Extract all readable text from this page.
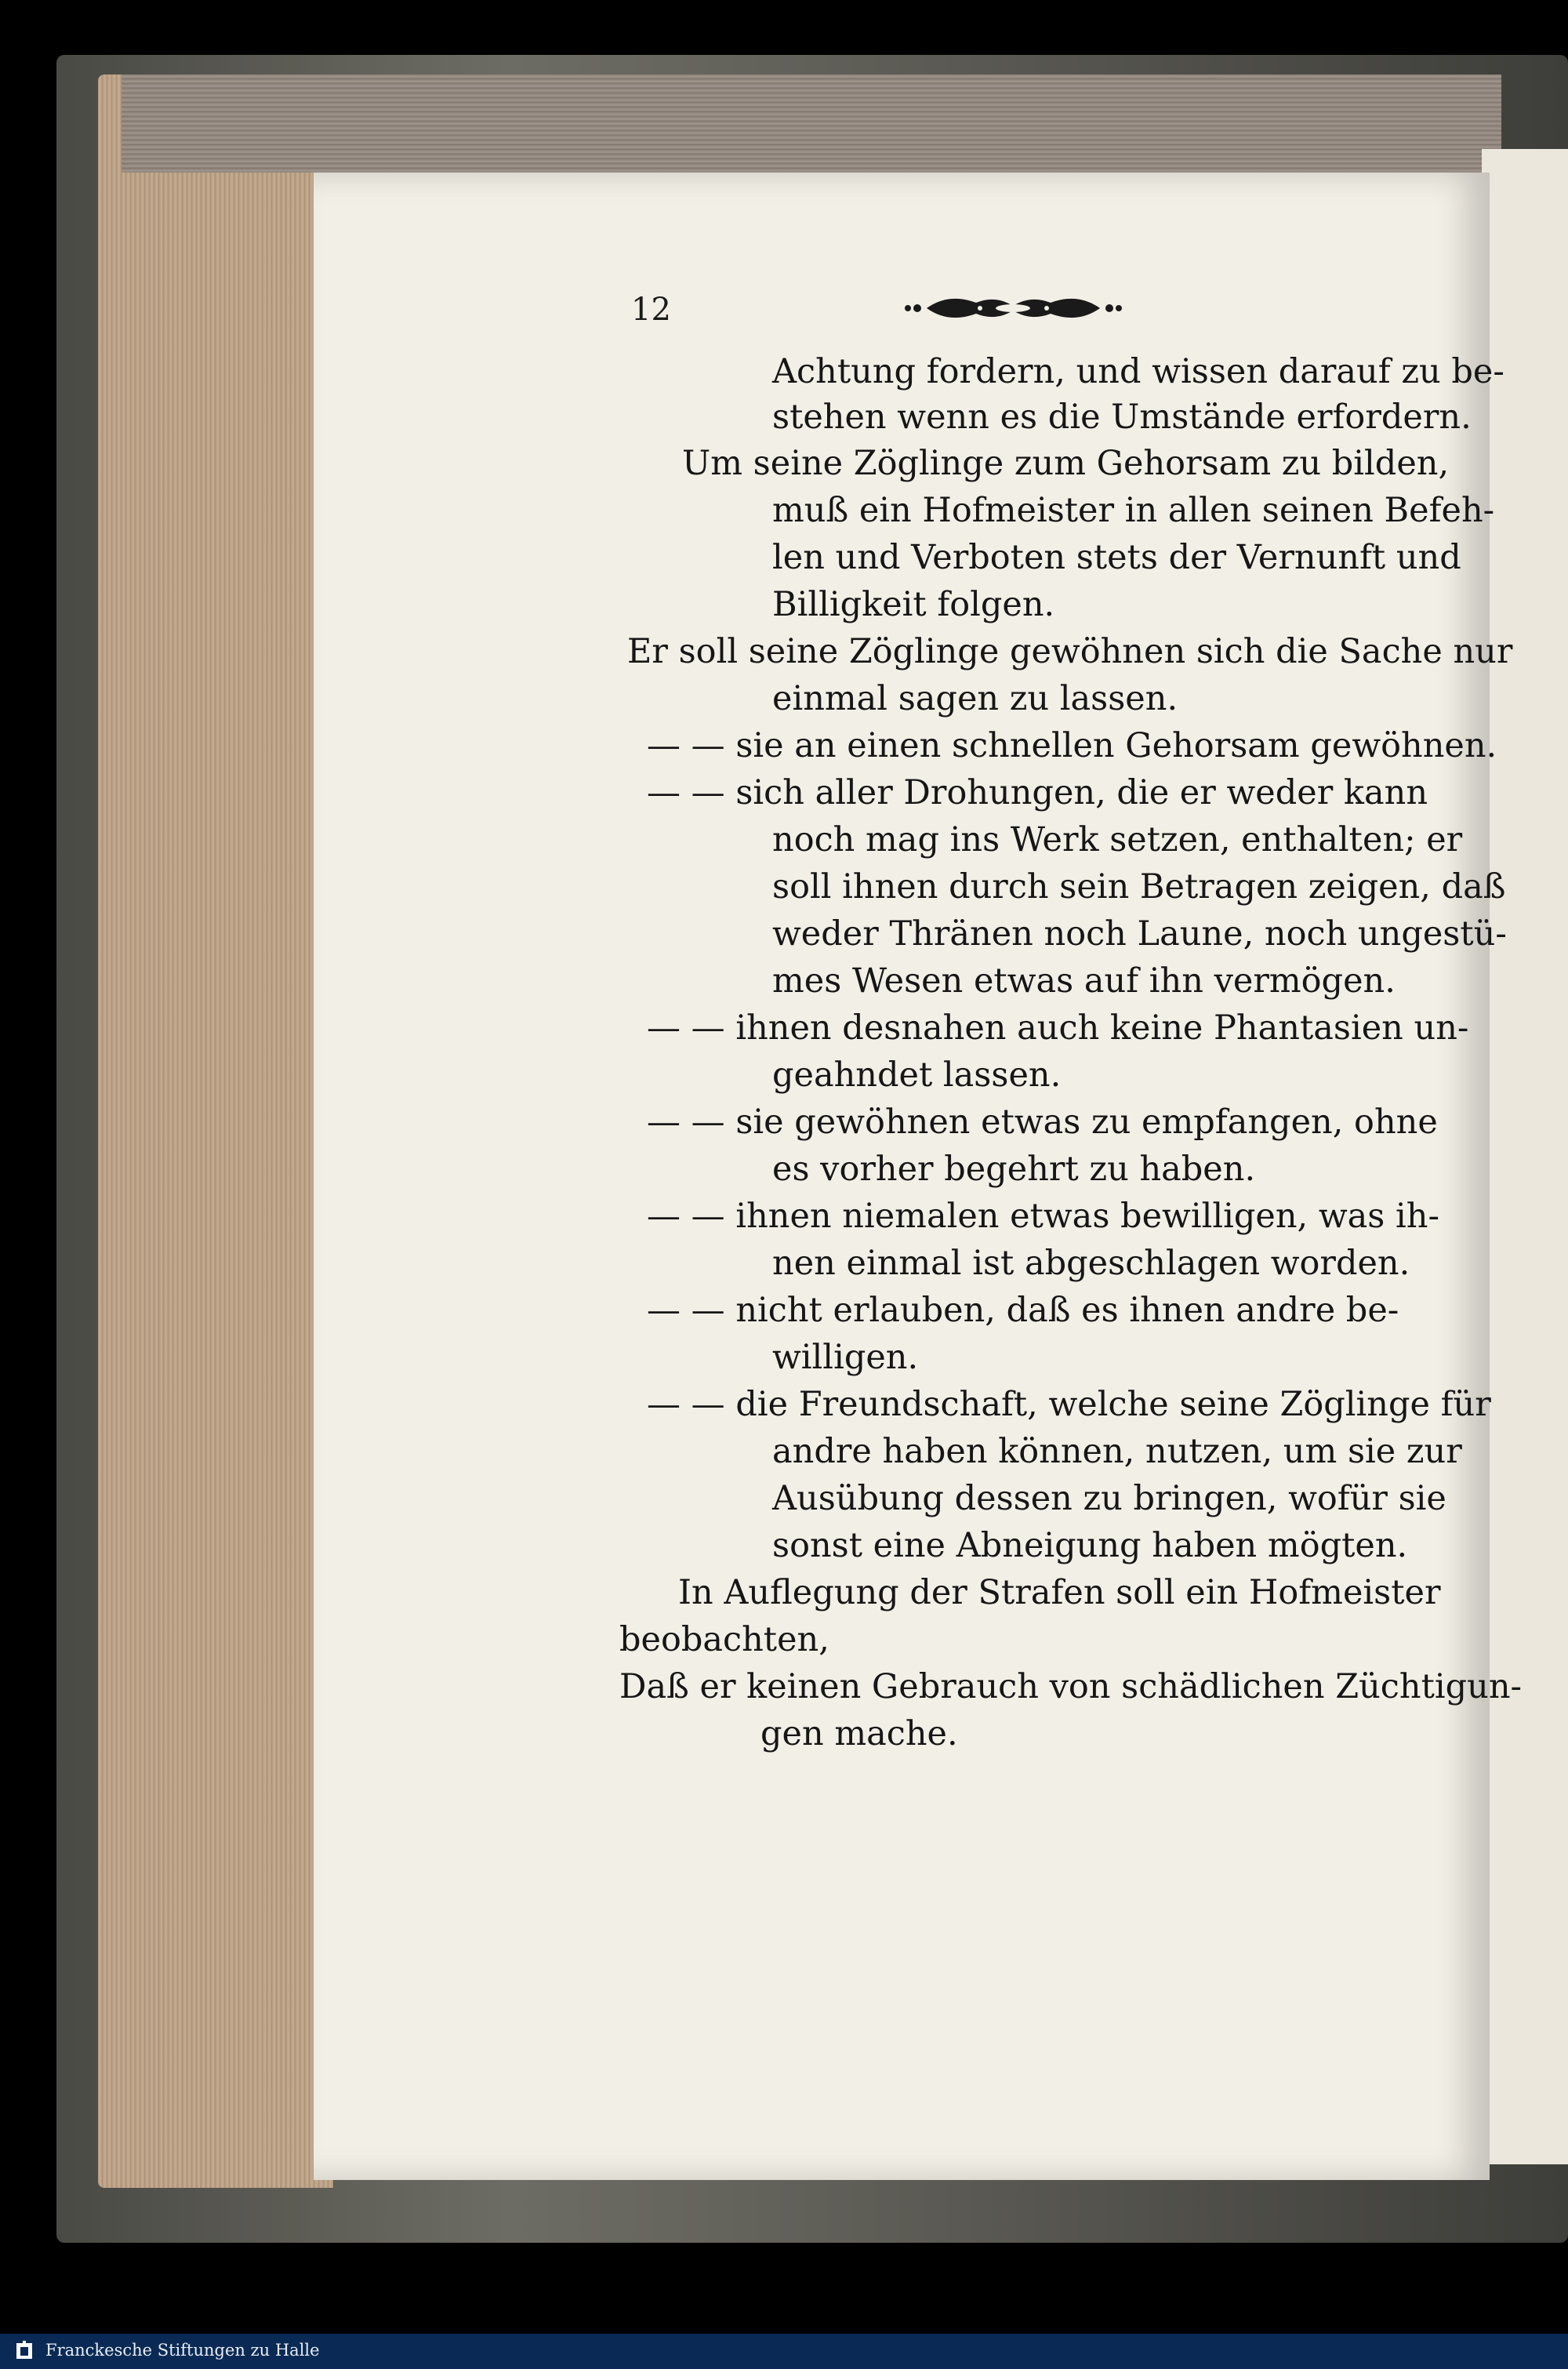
12
Achtung fordern, und wissen darauf zu be-
stehen wenn es die Umstände erfordern.
Um seine Zöglinge zum Gehorsam zu bilden,
muß ein Hofmeister in allen seinen Befeh-
len und Verboten stets der Vernunft und
Billigkeit folgen.
Er soll seine Zöglinge gewöhnen sich die Sache nur
einmal sagen zu lassen.
— — sie an einen schnellen Gehorsam gewöhnen.
— — sich aller Drohungen, die er weder kann
noch mag ins Werk setzen, enthalten; er
soll ihnen durch sein Betragen zeigen, daß
weder Thränen noch Laune, noch ungestü-
mes Wesen etwas auf ihn vermögen.
— — ihnen desnahen auch keine Phantasien un-
geahndet lassen.
— — sie gewöhnen etwas zu empfangen, ohne
es vorher begehrt zu haben.
— — ihnen niemalen etwas bewilligen, was ih-
nen einmal ist abgeschlagen worden.
— — nicht erlauben, daß es ihnen andre be-
willigen.
— — die Freundschaft, welche seine Zöglinge für
andre haben können, nutzen, um sie zur
Ausübung dessen zu bringen, wofür sie
sonst eine Abneigung haben mögten.
In Auflegung der Strafen soll ein Hofmeister
beobachten,
Daß er keinen Gebrauch von schädlichen Züchtigun-
gen mache.
Franckesche Stiftungen zu Halle
